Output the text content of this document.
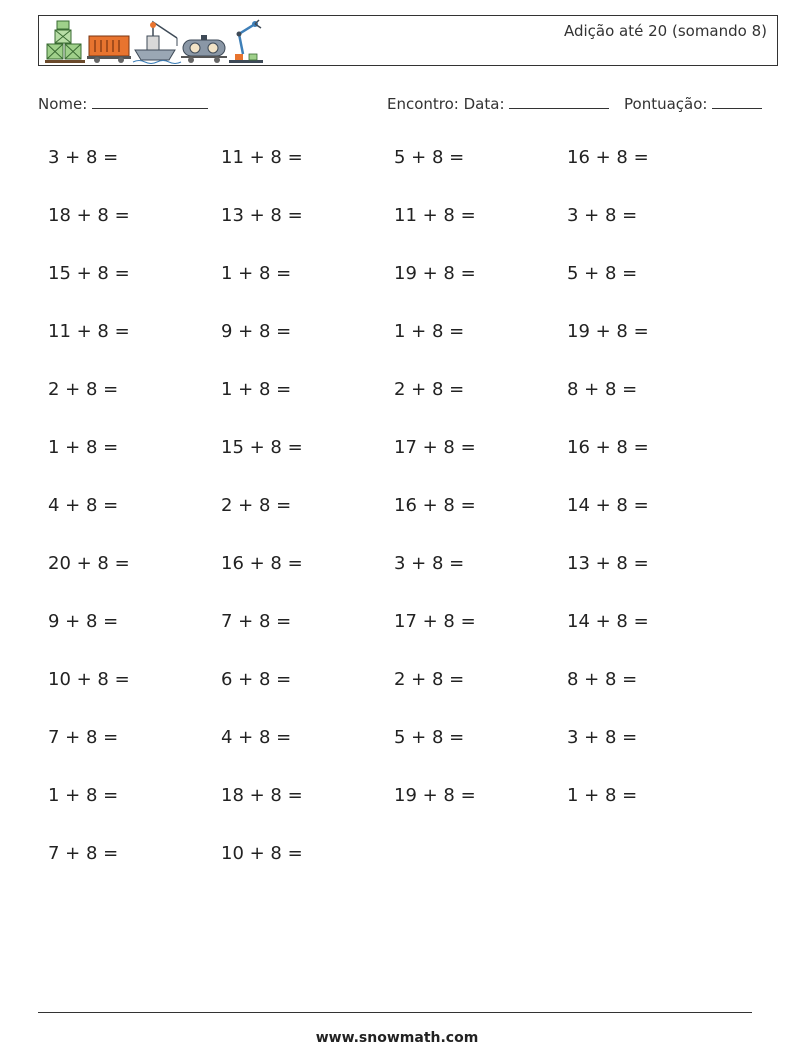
Adição até 20 (somando 8)
Nome:	Encontro: Data:	Pontuação:
3 + 8 =	11 + 8 =	5 + 8 =	16 + 8 =
18 + 8 =	13 + 8 =	11 + 8 =	3 + 8 =
15 + 8 =	1 + 8 =	19 + 8 =	5 + 8 =
11 + 8 =	9 + 8 =	1 + 8 =	19 + 8 =
2 + 8 =	1 + 8 =	2 + 8 =	8 + 8 =
1 + 8 =	15 + 8 =	17 + 8 =	16 + 8 =
4 + 8 =	2 + 8 =	16 + 8 =	14 + 8 =
20 + 8 =	16 + 8 =	3 + 8 =	13 + 8 =
9 + 8 =	7 + 8 =	17 + 8 =	14 + 8 =
10 + 8 =	6 + 8 =	2 + 8 =	8 + 8 =
7 + 8 =	4 + 8 =	5 + 8 =	3 + 8 =
1 + 8 =	18 + 8 =	19 + 8 =	1 + 8 =
7 + 8 =	10 + 8 =
www.snowmath.com
